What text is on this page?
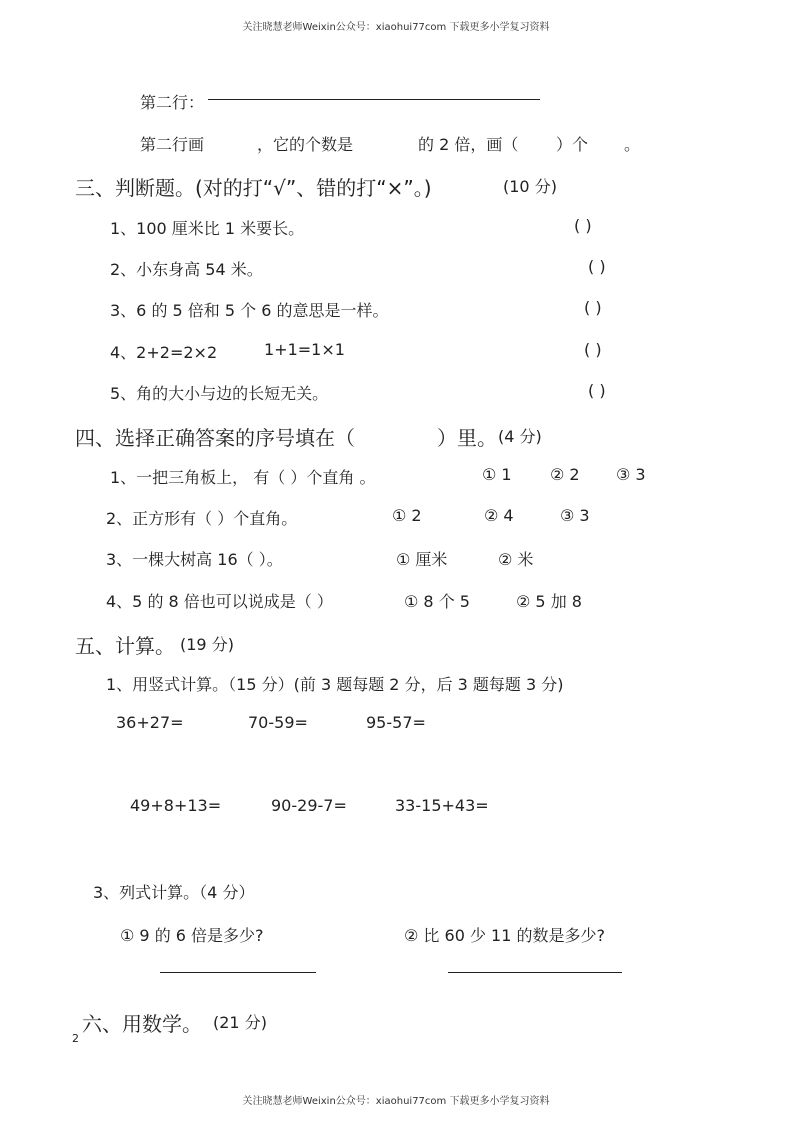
关注晓慧老师Weixin公众号：xiaohui77com 下载更多小学复习资料
第二行：
第二行画	，它的个数是	的 2 倍，画（ ）个 。
三、判断题。(对的打“√”、错的打“×”。)	(10 分)
1、100 厘米比 1 米要长。	( )
2、小东身高 54 米。	( )
3、6 的 5 倍和 5 个 6 的意思是一样。	( )
4、2+2=2×2	1+1=1×1	( )
5、角的大小与边的长短无关。	( )
四、选择正确答案的序号填在（	）里。 (4 分)
1、一把三角板上， 有（ ）个直角 。	① 1 ② 2 ③ 3
2、正方形有（ ）个直角。	① 2	② 4	③ 3
3、一棵大树高 16（ ）。	① 厘米	② 米
4、5 的 8 倍也可以说成是（ ）	① 8 个 5	② 5 加 8
五、计算。 (19 分)
1、用竖式计算。（15 分）(前 3 题每题 2 分，后 3 题每题 3 分)
36+27=	70-59=	95-57=
49+8+13=	90-29-7=	33-15+43=
3、列式计算。（4 分）
① 9 的 6 倍是多少?	② 比 60 少 11 的数是多少?
六、用数学。 (21 分)
2
关注晓慧老师Weixin公众号：xiaohui77com 下载更多小学复习资料
